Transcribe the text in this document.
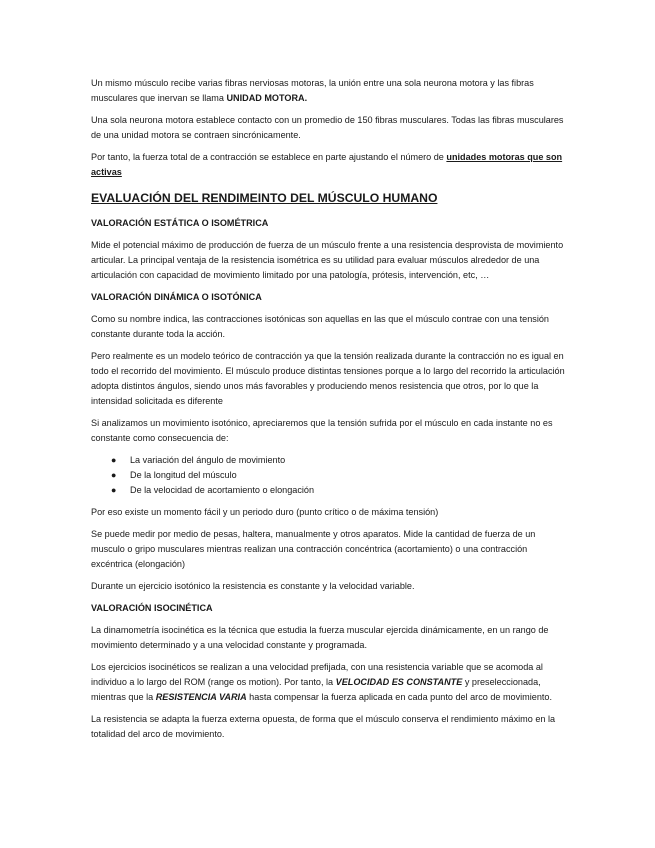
Un mismo músculo recibe varias fibras nerviosas motoras, la unión entre una sola neurona motora y las fibras musculares que inervan se llama UNIDAD MOTORA.

Una sola neurona motora establece contacto con un promedio de 150 fibras musculares. Todas las fibras musculares de una unidad motora se contraen sincrónicamente.

Por tanto, la fuerza total de a contracción se establece en parte ajustando el número de unidades motoras que son activas

EVALUACIÓN DEL RENDIMEINTO DEL MÚSCULO HUMANO
VALORACIÓN ESTÁTICA O ISOMÉTRICA

Mide el potencial máximo de producción de fuerza de un músculo frente a una resistencia desprovista de movimiento articular. La principal ventaja de la resistencia isométrica es su utilidad para evaluar músculos alrededor de una articulación con capacidad de movimiento limitado por una patología, prótesis, intervención, etc, …

VALORACIÓN DINÁMICA O ISOTÓNICA

Como su nombre indica, las contracciones isotónicas son aquellas en las que el músculo contrae con una tensión constante durante toda la acción.

Pero realmente es un modelo teórico de contracción ya que la tensión realizada durante la contracción no es igual en todo el recorrido del movimiento. El músculo produce distintas tensiones porque a lo largo del recorrido la articulación adopta distintos ángulos, siendo unos más favorables y produciendo menos resistencia que otros, por lo que la intensidad solicitada es diferente

Si analizamos un movimiento isotónico, apreciaremos que la tensión sufrida por el músculo en cada instante no es constante como consecuencia de:

● La variación del ángulo de movimiento
● De la longitud del músculo
● De la velocidad de acortamiento o elongación

Por eso existe un momento fácil y un periodo duro (punto crítico o de máxima tensión)

Se puede medir por medio de pesas, haltera, manualmente y otros aparatos. Mide la cantidad de fuerza de un musculo o gripo musculares mientras realizan una contracción concéntrica (acortamiento) o una contracción excéntrica (elongación)

Durante un ejercicio isotónico la resistencia es constante y la velocidad variable.

VALORACIÓN ISOCINÉTICA

La dinamometría isocinética es la técnica que estudia la fuerza muscular ejercida dinámicamente, en un rango de movimiento determinado y a una velocidad constante y programada.

Los ejercicios isocinéticos se realizan a una velocidad prefijada, con una resistencia variable que se acomoda al individuo a lo largo del ROM (range os motion). Por tanto, la VELOCIDAD ES CONSTANTE y preseleccionada, mientras que la RESISTENCIA VARIA hasta compensar la fuerza aplicada en cada punto del arco de movimiento.

La resistencia se adapta la fuerza externa opuesta, de forma que el músculo conserva el rendimiento máximo en la totalidad del arco de movimiento.
